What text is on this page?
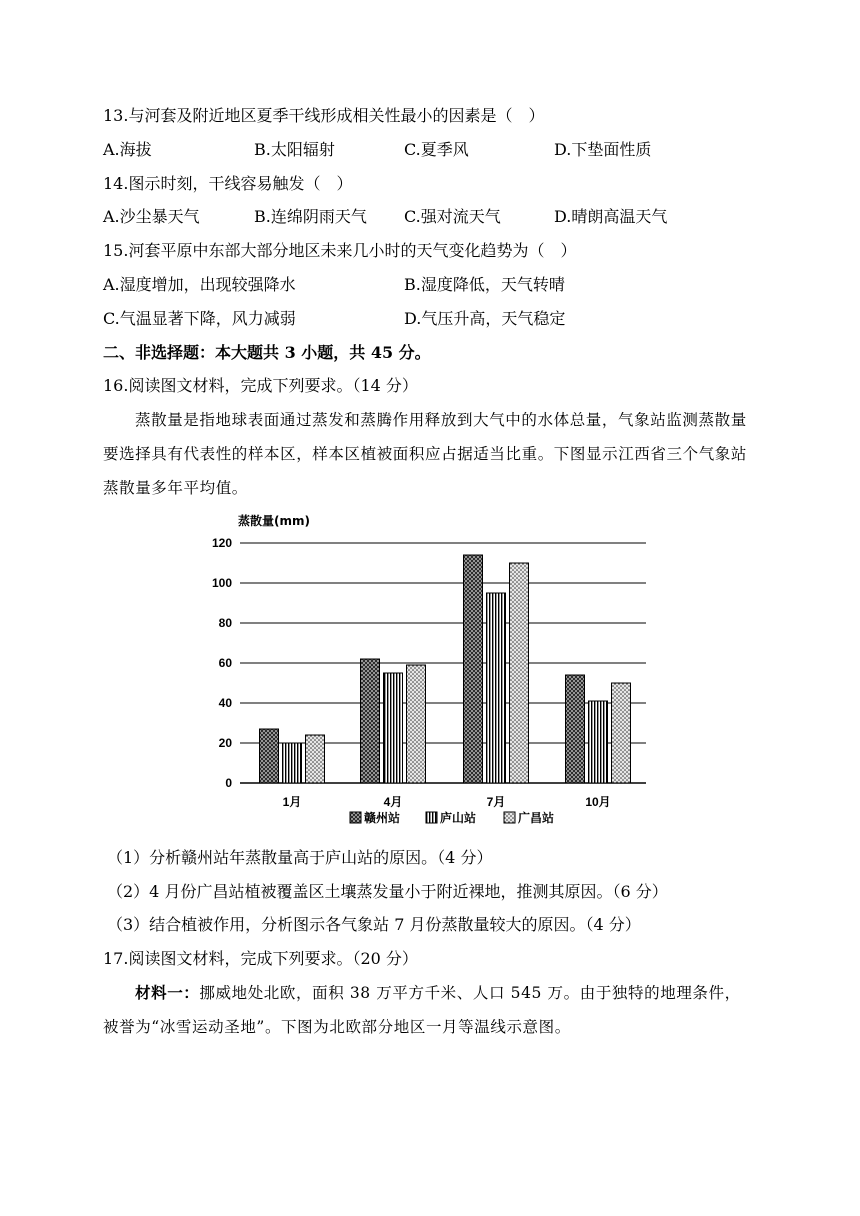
13.与河套及附近地区夏季干线形成相关性最小的因素是（　）
A.海拔	B.太阳辐射	C.夏季风	D.下垫面性质
14.图示时刻，干线容易触发（　）
A.沙尘暴天气	B.连绵阴雨天气 C.强对流天气	D.晴朗高温天气
15.河套平原中东部大部分地区未来几小时的天气变化趋势为（　）
A.湿度增加，出现较强降水	B.湿度降低，天气转晴
C.气温显著下降，风力减弱	D.气压升高，天气稳定
二、非选择题：本大题共 3 小题，共 45 分。
16.阅读图文材料，完成下列要求。（14 分）
蒸散量是指地球表面通过蒸发和蒸腾作用释放到大气中的水体总量，气象站监测蒸散量要选择具有代表性的样本区，样本区植被面积应占据适当比重。下图显示江西省三个气象站蒸散量多年平均值。
蒸散量(mm)
0
20
40
60
80
100
120
1月	4月	7月	10月
赣州站	庐山站	广昌站
（1）分析赣州站年蒸散量高于庐山站的原因。（4 分）
（2）4 月份广昌站植被覆盖区土壤蒸发量小于附近裸地，推测其原因。（6 分）
（3）结合植被作用，分析图示各气象站 7 月份蒸散量较大的原因。（4 分）
17.阅读图文材料，完成下列要求。（20 分）
材料一：挪威地处北欧，面积 38 万平方千米、人口 545 万。由于独特的地理条件，被誉为“冰雪运动圣地”。下图为北欧部分地区一月等温线示意图。
